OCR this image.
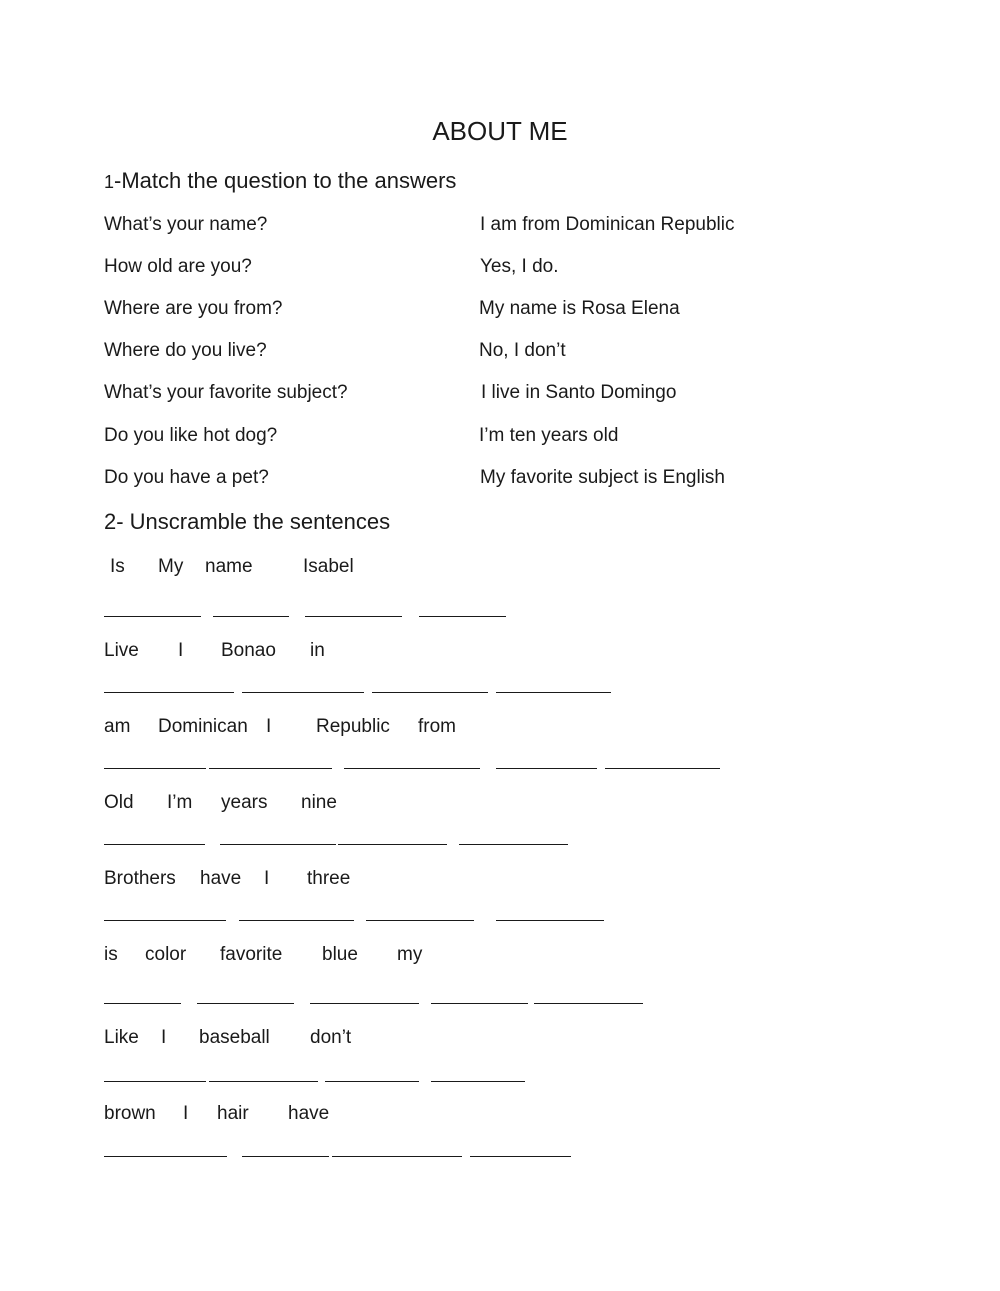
ABOUT ME
1-Match the question to the answers
What’s your name?
How old are you?
Where are you from?
Where do you live?
What’s your favorite subject?
Do you like hot dog?
Do you have a pet?
I am from Dominican Republic
Yes, I do.
My name is Rosa Elena
No, I don’t
I live in Santo Domingo
I’m ten years old
My favorite subject is English
2- Unscramble the sentences
Is My name	Isabel
Live I Bonao in
am Dominican I Republic from
Old I’m years nine
Brothers have I three
is color favorite blue my
Like I baseball don’t
brown I hair have
